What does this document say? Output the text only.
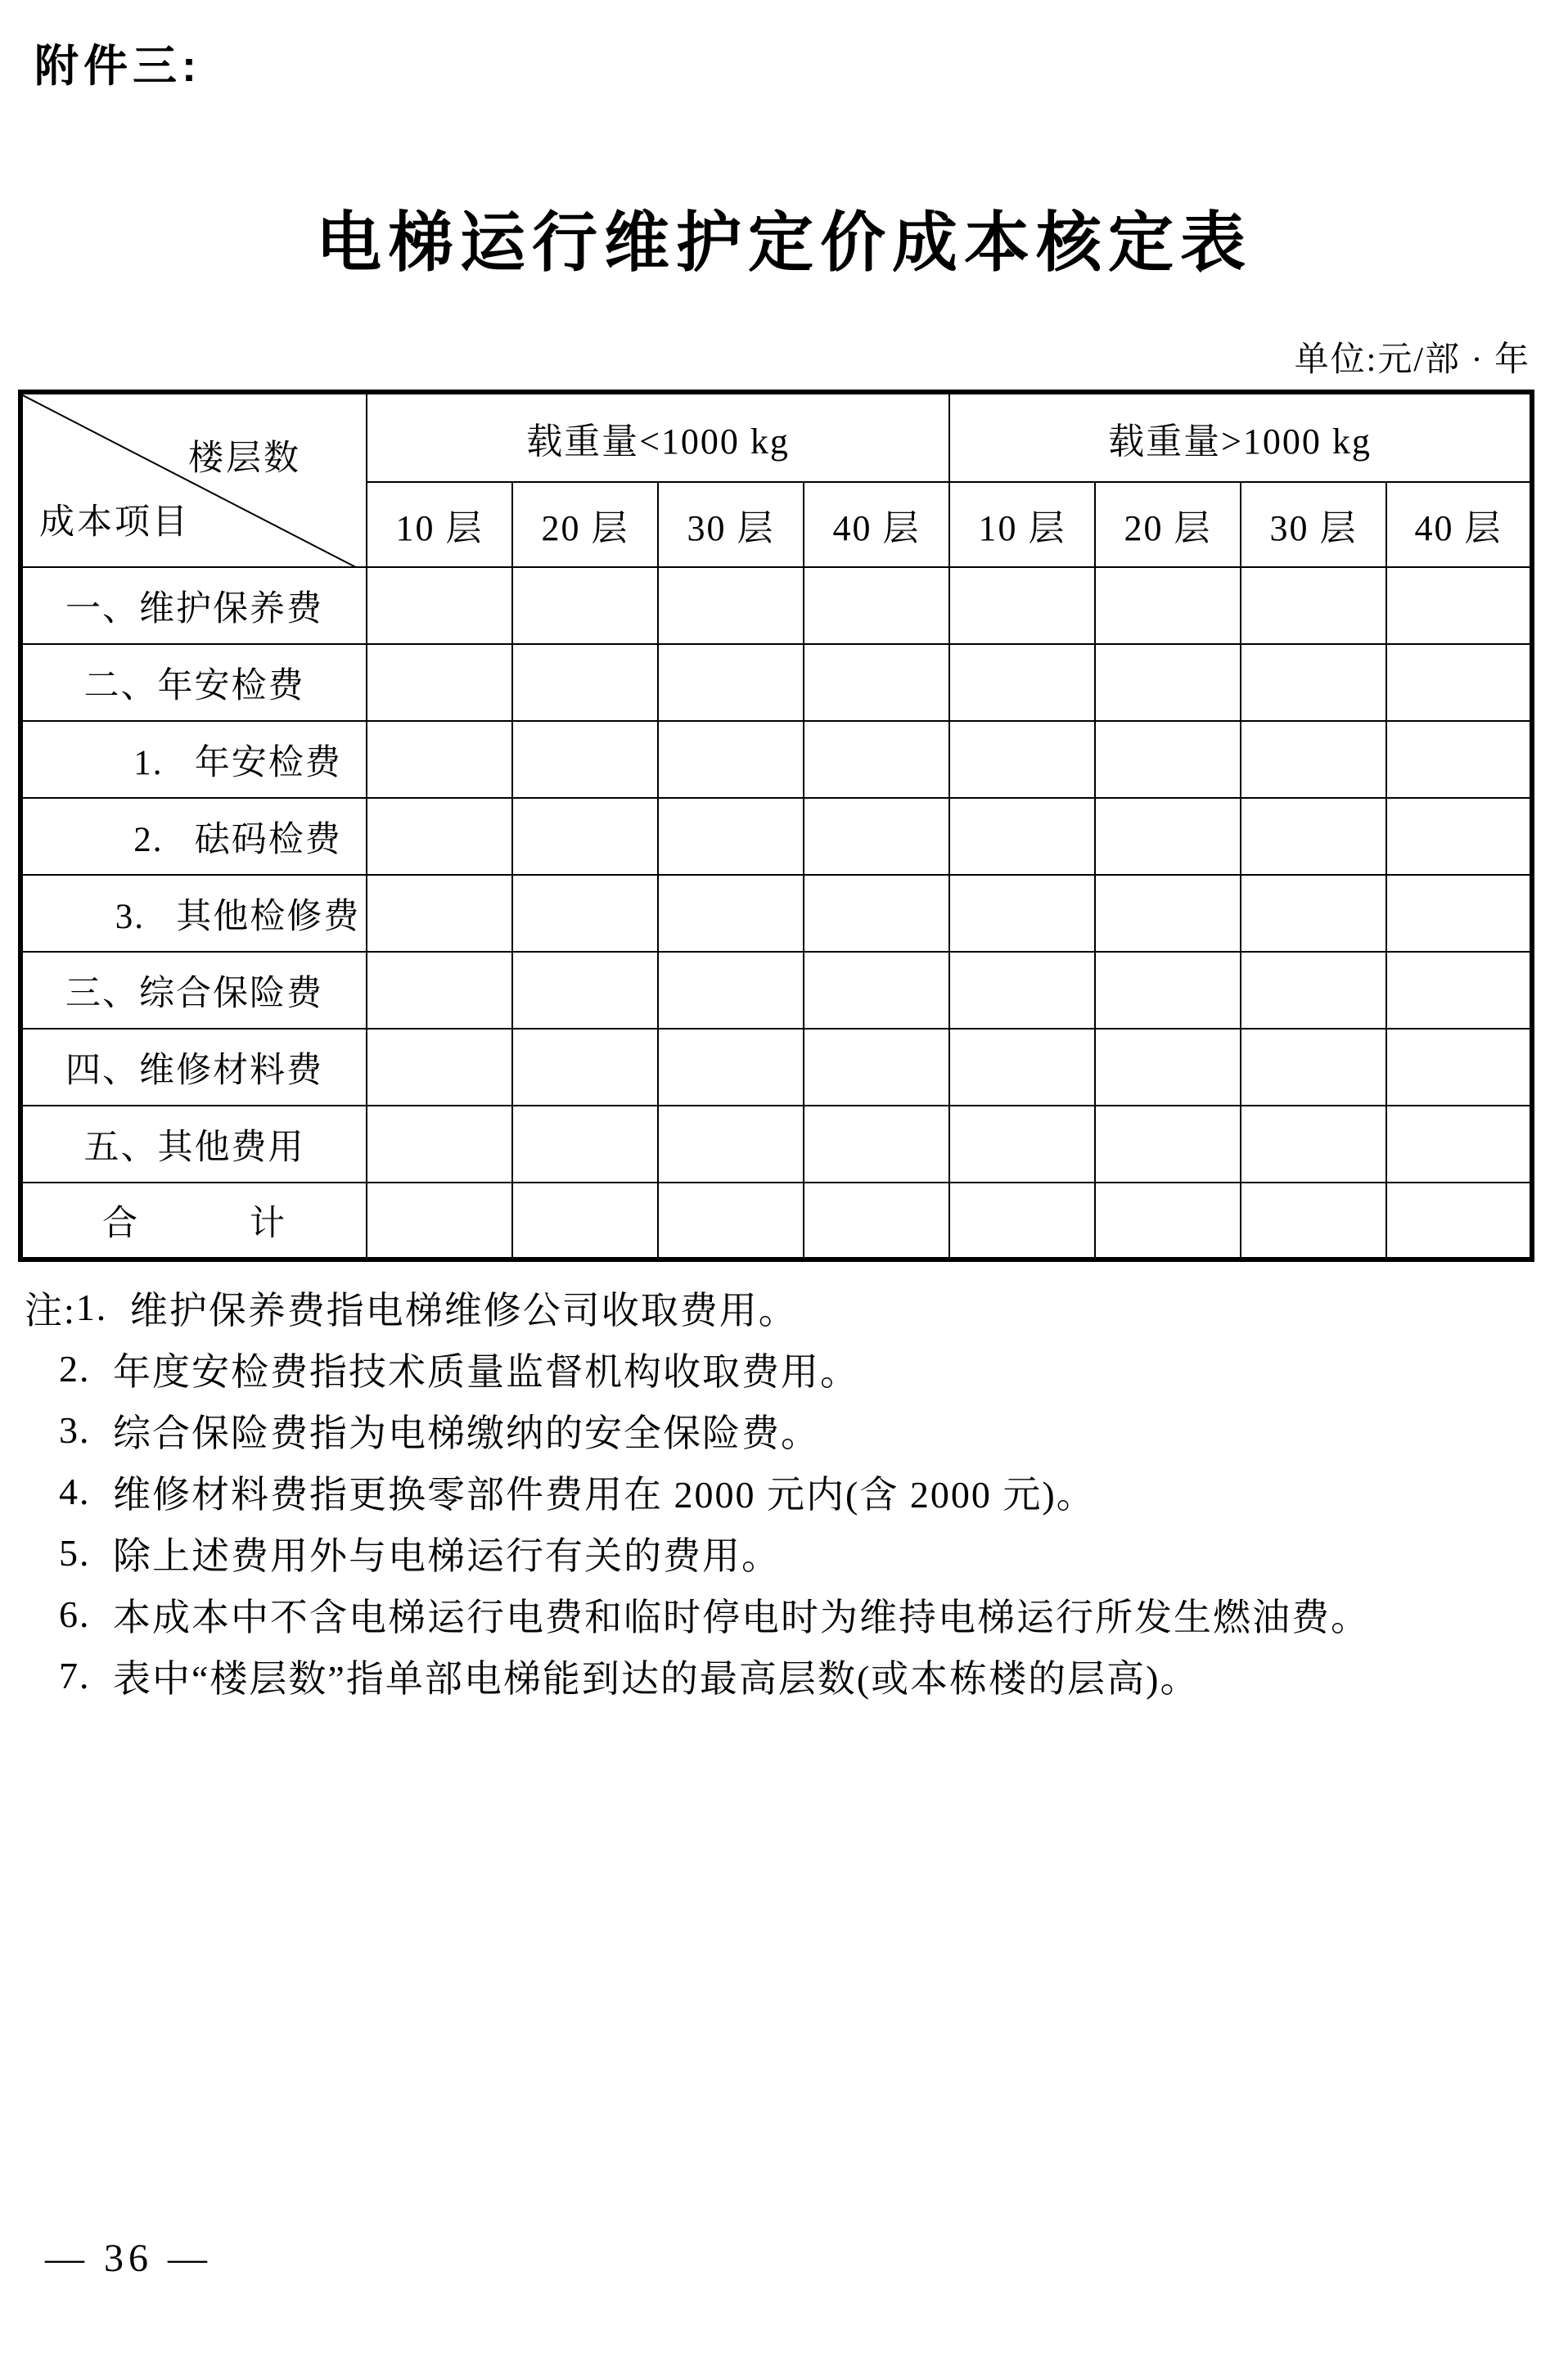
附件三:
电梯运行维护定价成本核定表
单位:元/部 · 年
楼层数
成本项目	载重量<1000 kg				载重量>1000 kg			
	10 层	20 层	30 层	40 层	10 层	20 层	30 层	40 层
一、维护保养费								
二、年安检费								
1.   年安检费								
2.   砝码检费								
3.   其他检修费								
三、综合保险费								
四、维修材料费								
五、其他费用								
合　　　计								
注: 1. 维护保养费指电梯维修公司收取费用。
2. 年度安检费指技术质量监督机构收取费用。
3. 综合保险费指为电梯缴纳的安全保险费。
4. 维修材料费指更换零部件费用在 2000 元内(含 2000 元)。
5. 除上述费用外与电梯运行有关的费用。
6. 本成本中不含电梯运行电费和临时停电时为维持电梯运行所发生燃油费。
7. 表中“楼层数”指单部电梯能到达的最高层数(或本栋楼的层高)。
— 36 —
